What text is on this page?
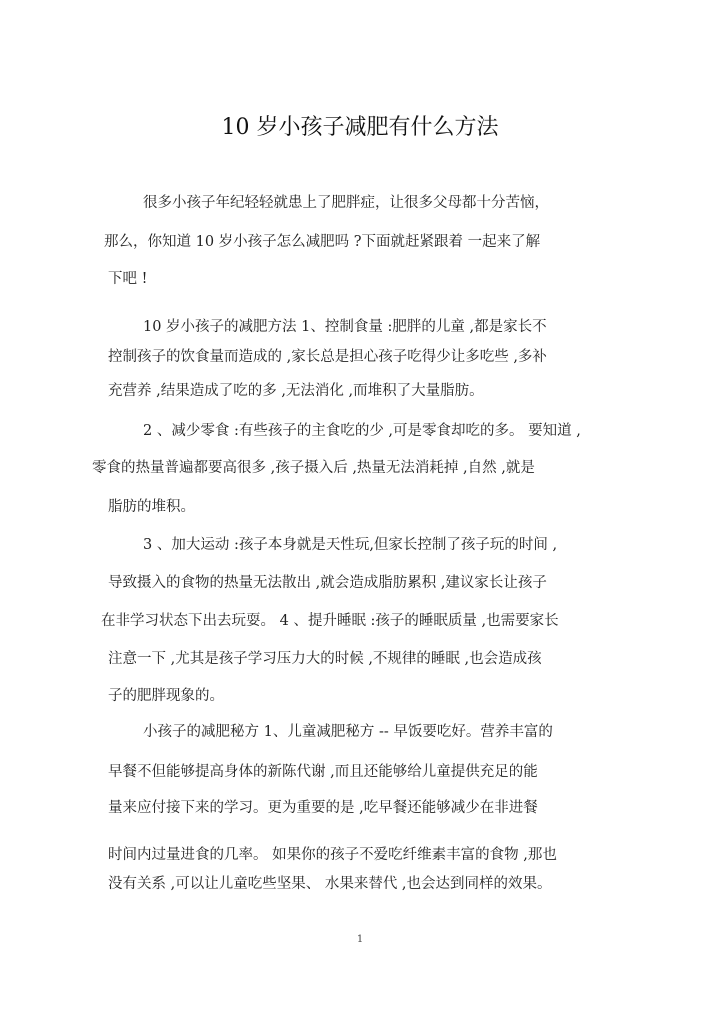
10 岁小孩子减肥有什么方法
很多小孩子年纪轻轻就患上了肥胖症，让很多父母都十分苦恼，
那么，你知道 10 岁小孩子怎么减肥吗 ?下面就赶紧跟着 一起来了解
下吧 !
10 岁小孩子的减肥方法 1、控制食量 :肥胖的儿童 ,都是家长不
控制孩子的饮食量而造成的 ,家长总是担心孩子吃得少让多吃些 ,多补
充营养 ,结果造成了吃的多 ,无法消化 ,而堆积了大量脂肪。
2 、减少零食 :有些孩子的主食吃的少 ,可是零食却吃的多。 要知道 ,
零食的热量普遍都要高很多 ,孩子摄入后 ,热量无法消耗掉 ,自然 ,就是
脂肪的堆积。
3 、加大运动 :孩子本身就是天性玩,但家长控制了孩子玩的时间 ,
导致摄入的食物的热量无法散出 ,就会造成脂肪累积 ,建议家长让孩子
在非学习状态下出去玩耍。 4 、提升睡眠 :孩子的睡眠质量 ,也需要家长
注意一下 ,尤其是孩子学习压力大的时候 ,不规律的睡眠 ,也会造成孩
子的肥胖现象的。
小孩子的减肥秘方 1、儿童减肥秘方 -- 早饭要吃好。营养丰富的
早餐不但能够提高身体的新陈代谢 ,而且还能够给儿童提供充足的能
量来应付接下来的学习。更为重要的是 ,吃早餐还能够减少在非进餐
时间内过量进食的几率。 如果你的孩子不爱吃纤维素丰富的食物 ,那也
没有关系 ,可以让儿童吃些坚果、 水果来替代 ,也会达到同样的效果。
1
